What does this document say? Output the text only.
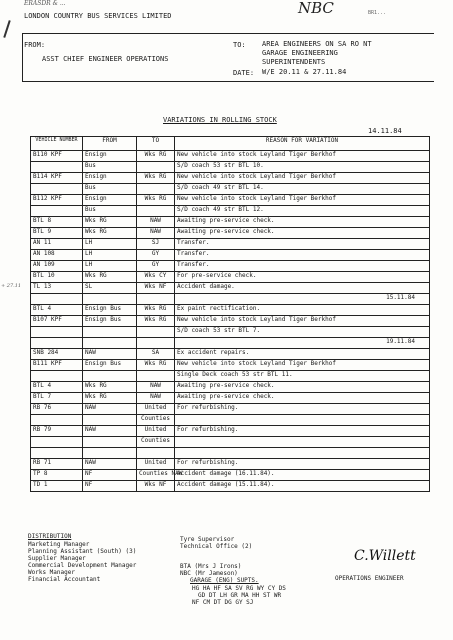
ERASDR & ...	NBC	BR1...
LONDON COUNTRY BUS SERVICES LIMITED
FROM:
ASST CHIEF ENGINEER OPERATIONS
TO: AREA ENGINEERS ON SA RO NT
GARAGE ENGINEERING
SUPERINTENDENTS
DATE: W/E 20.11 & 27.11.84
VARIATIONS IN ROLLING STOCK
14.11.84
+ 27.11
VEHICLE NUMBER	FROM	TO	REASON FOR VARIATION
B110 KPF	Ensign	Wks RG	New vehicle into stock Leyland Tiger Berkhof
	Bus		S/D coach 53 str BTL 10.
B114 KPF	Ensign	Wks RG	New vehicle into stock Leyland Tiger Berkhof
	Bus		S/D coach 49 str BTL 14.
B112 KPF	Ensign	Wks RG	New vehicle into stock Leyland Tiger Berkhof
	Bus		S/D coach 49 str BTL 12.
BTL 8	Wks RG	NAW	Awaiting pre-service check.
BTL 9	Wks RG	NAW	Awaiting pre-service check.
AN 11	LH	SJ	Transfer.
AN 108	LH	GY	Transfer.
AN 109	LH	GY	Transfer.
BTL 10	Wks RG	Wks CY	For pre-service check.
TL 13	SL	Wks NF	Accident damage.
			15.11.84
BTL 4	Ensign Bus	Wks RG	Ex paint rectification.
B107 KPF	Ensign Bus	Wks RG	New vehicle into stock Leyland Tiger Berkhof
			S/D coach 53 str BTL 7.
			19.11.84
SNB 284	NAW	SA	Ex accident repairs.
B111 KPF	Ensign Bus	Wks RG	New vehicle into stock Leyland Tiger Berkhof
			Single Deck coach 53 str BTL 11.
BTL 4	Wks RG	NAW	Awaiting pre-service check.
BTL 7	Wks RG	NAW	Awaiting pre-service check.
RB 76	NAW	United	For refurbishing.
		Counties	
RB 79	NAW	United	For refurbishing.
		Counties	

RB 71	NAW	United	For refurbishing.
TP 8	NF	Counties NAW	Accident damage (16.11.84).
TD 1	NF	Wks NF	Accident damage (15.11.84).
DISTRIBUTION
Marketing Manager
Planning Assistant (South) (3)
Supplier Manager
Commercial Development Manager
Works Manager
Financial Accountant
Tyre Supervisor
Technical Office (2)
BTA (Mrs J Irons)
NBC (Mr Jameson)
GARAGE (ENG) SUPTS.
HG HA HF SA SV RG WY CY DS
GD DT LH GR MA HH ST WR
NF CM DT DG GY SJ
C.Willett
OPERATIONS ENGINEER
